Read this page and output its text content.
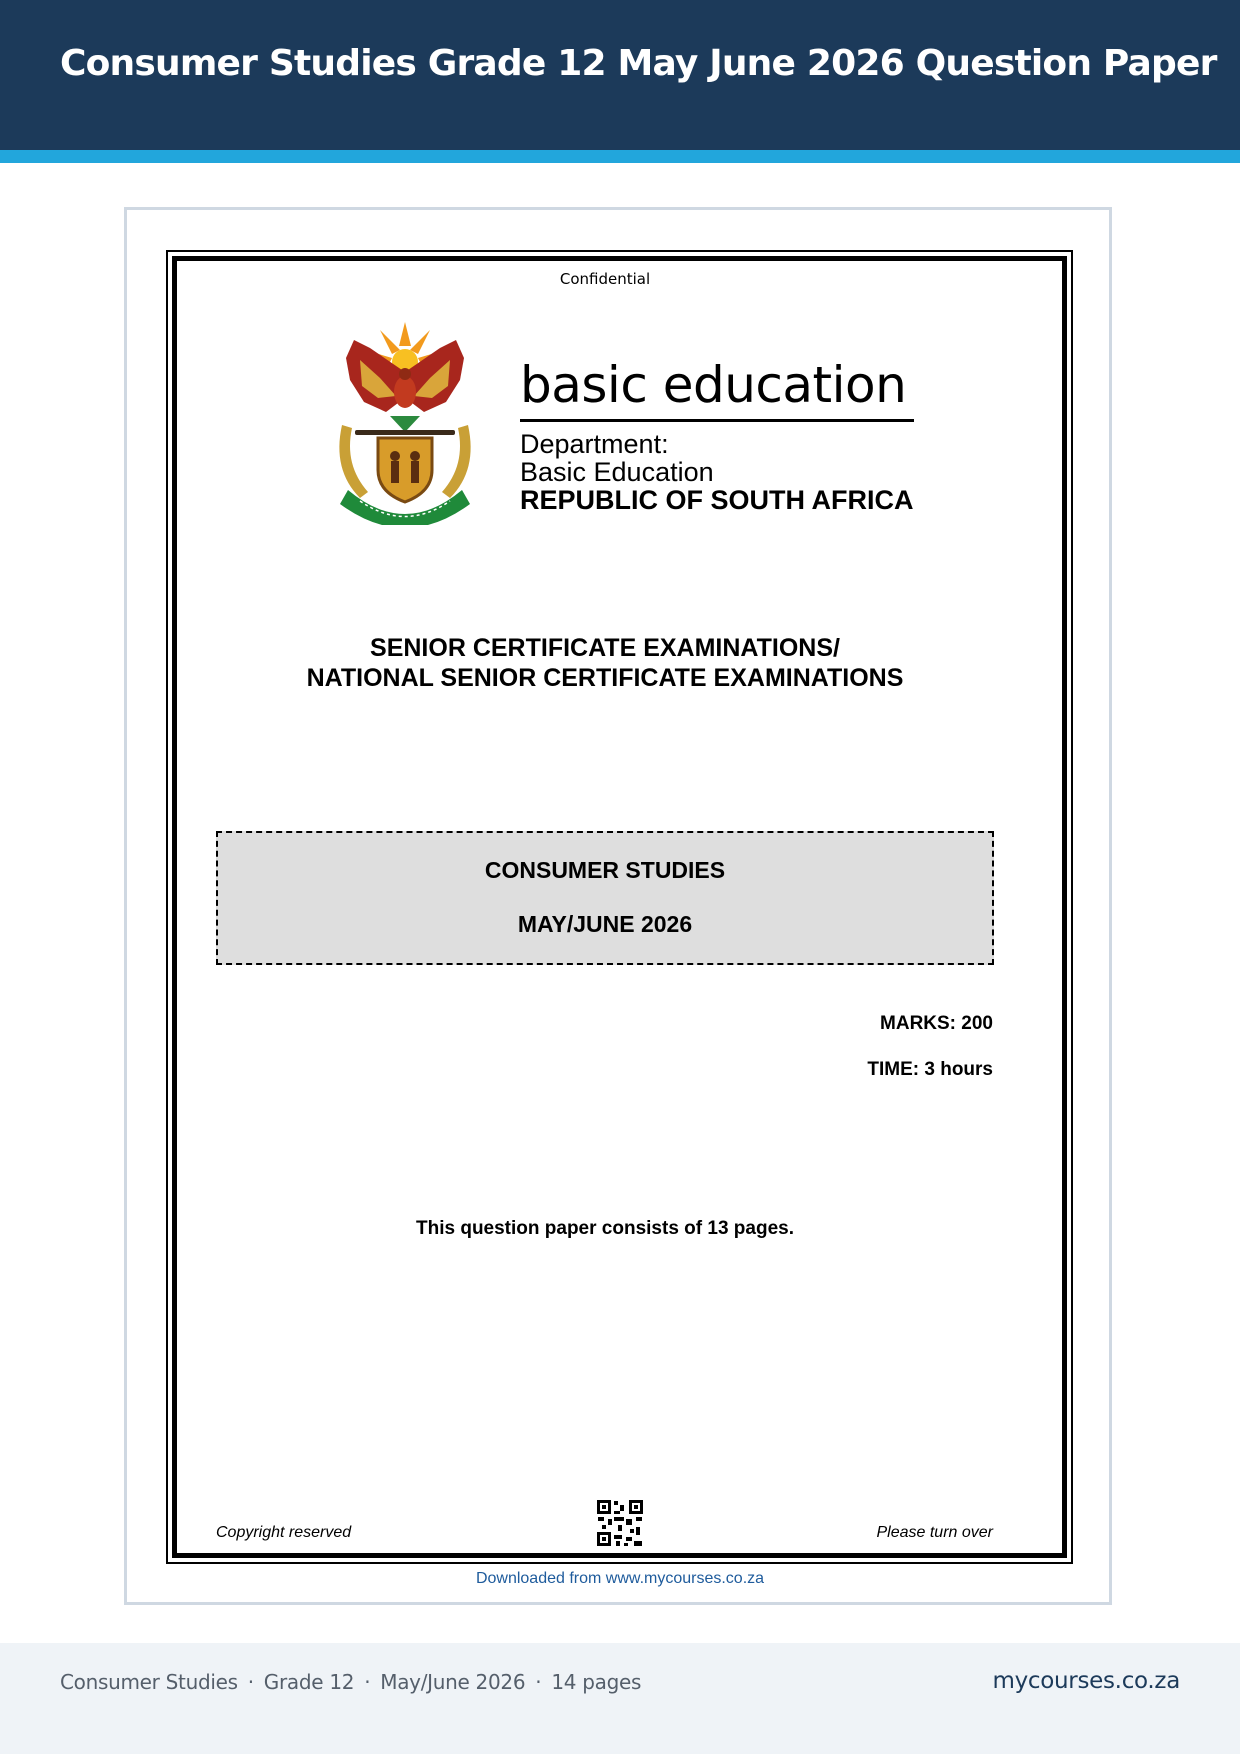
Consumer Studies Grade 12 May June 2026 Question Paper
Confidential
basic education
Department:
Basic Education
REPUBLIC OF SOUTH AFRICA
SENIOR CERTIFICATE EXAMINATIONS/
NATIONAL SENIOR CERTIFICATE EXAMINATIONS
CONSUMER STUDIES
MAY/JUNE 2026
MARKS: 200
TIME: 3 hours
This question paper consists of 13 pages.
Copyright reserved	Please turn over
Downloaded from www.mycourses.co.za
Consumer Studies · Grade 12 · May/June 2026 · 14 pages	mycourses.co.za
